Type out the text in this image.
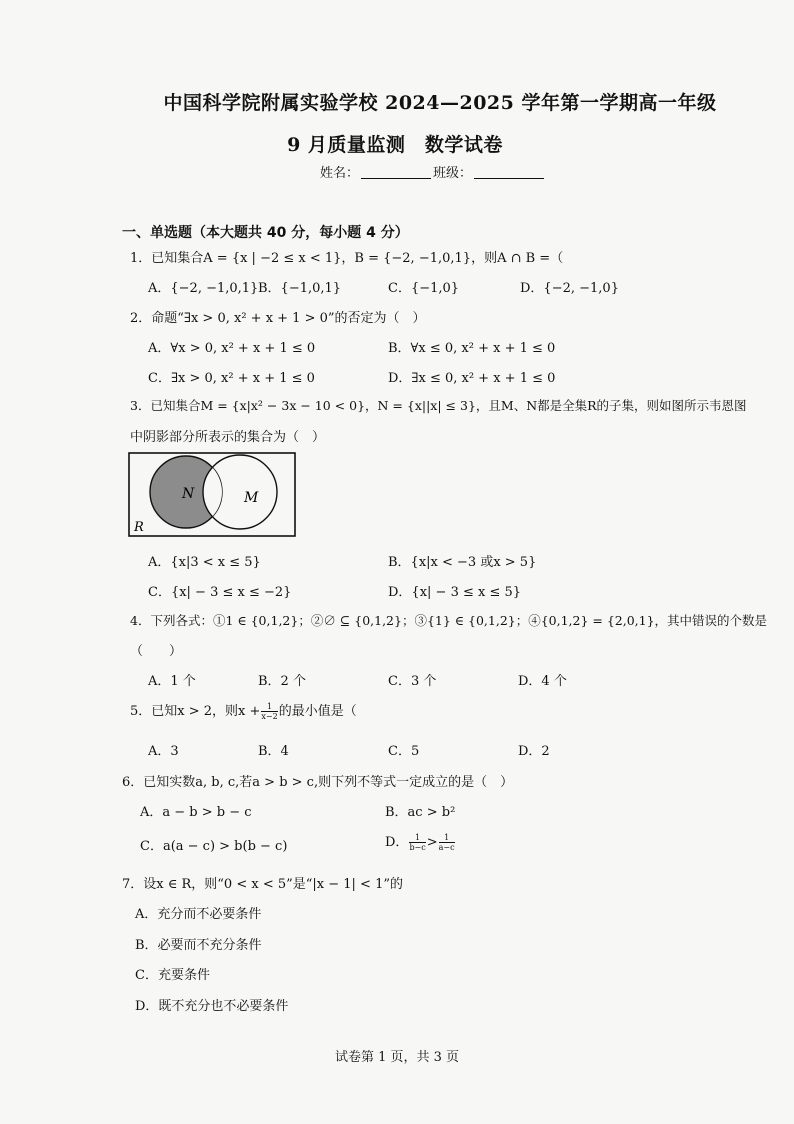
中国科学院附属实验学校 2024—2025 学年第一学期高一年级
9 月质量监测　数学试卷
姓名：	班级：
一、单选题（本大题共 40 分，每小题 4 分）
1．已知集合A = {x | −2 ≤ x < 1}，B = {−2, −1,0,1}，则A ∩ B =（
A．{−2, −1,0,1} B．{−1,0,1}	C．{−1,0}	D．{−2, −1,0}
2．命题“∃x > 0, x² + x + 1 > 0”的否定为（　）
A．∀x > 0, x² + x + 1 ≤ 0	B．∀x ≤ 0, x² + x + 1 ≤ 0
C．∃x > 0, x² + x + 1 ≤ 0	D．∃x ≤ 0, x² + x + 1 ≤ 0
3．已知集合M = {x|x² − 3x − 10 < 0}，N = {x||x| ≤ 3}，且M、N都是全集R的子集，则如图所示韦恩图
中阴影部分所表示的集合为（　）
N	M
R
A．{x|3 < x ≤ 5}	B．{x|x < −3 或x > 5}
C．{x| − 3 ≤ x ≤ −2}	D．{x| − 3 ≤ x ≤ 5}
4．下列各式：①1 ∈ {0,1,2}；②∅ ⊆ {0,1,2}；③{1} ∈ {0,1,2}；④{0,1,2} = {2,0,1}，其中错误的个数是
（　　）
A．1 个	B．2 个	C．3 个	D．4 个
5．已知x > 2，则$x + \frac{1}{x-2}$ 的最小值是（
A．3	B．4	C．5	D．2
6．已知实数a, b, c,若a > b > c,则下列不等式一定成立的是（　）
A．a − b > b − c	B．ac > b²
C．a(a − c) > b(b − c)	D． $\frac{1}{b-c} > \frac{1}{a-c}$
7．设x ∈ R，则“0 < x < 5”是“|x − 1| < 1”的
A．充分而不必要条件
B．必要而不充分条件
C．充要条件
D．既不充分也不必要条件
试卷第 1 页，共 3 页
